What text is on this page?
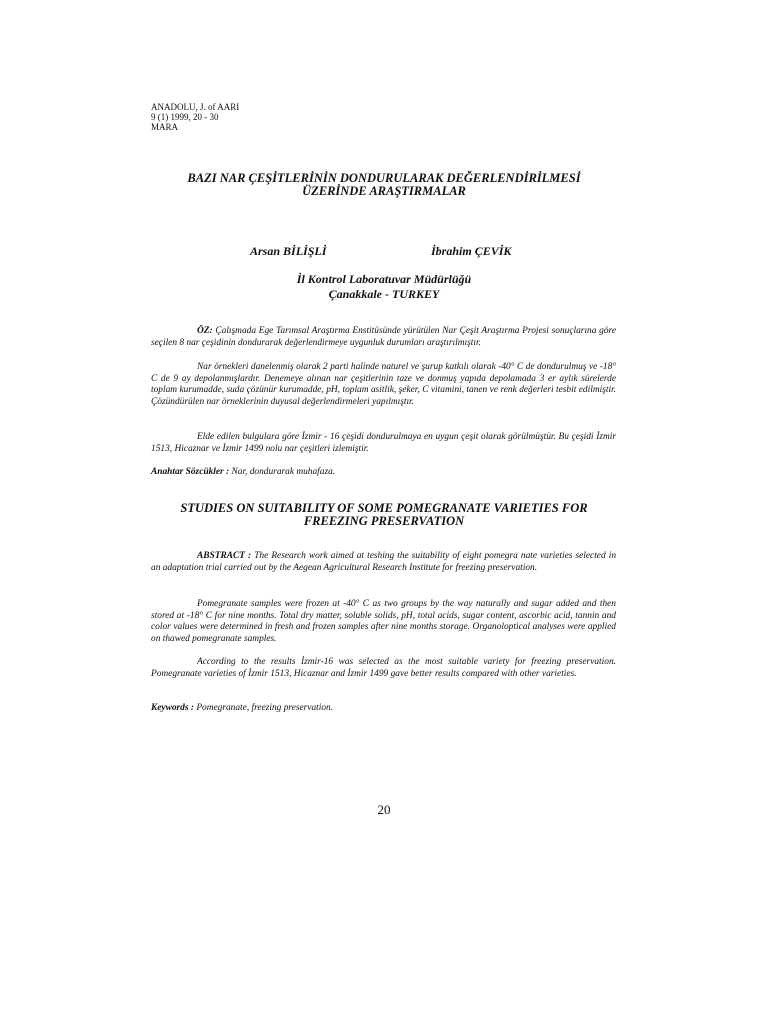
ANADOLU, J. of AARI
9 (1) 1999, 20 - 30
MARA
BAZI NAR ÇEŞİTLERİNİN DONDURULARAK DEĞERLENDİRİLMESİ
ÜZERİNDE ARAŞTIRMALAR
Arsan BİLİŞLİ	İbrahim ÇEVİK
İl Kontrol Laboratuvar Müdürlüğü
Çanakkale - TURKEY
ÖZ: Çalışmada Ege Tarımsal Araştırma Enstitüsünde yürütülen Nar Çeşit Araştırma Projesi sonuçlarına göre seçilen 8 nar çeşidinin dondurarak değerlendirmeye uygunluk durumları araştırılmıştır.
Nar örnekleri danelenmiş olarak 2 parti halinde naturel ve şurup katkılı olarak -40° C de dondurulmuş ve -18° C de 9 ay depolanmışlardır. Denemeye alınan nar çeşitlerinin taze ve donmuş yapıda depolamada 3 er aylık sürelerde toplam kurumadde, suda çözünür kurumadde, pH, toplam asitlik, şeker, C vitamini, tanen ve renk değerleri tesbit edilmiştir. Çözündürülen nar örneklerinin duyusal değerlendirmeleri yapılmıştır.
Elde edilen bulgulara göre İzmir - 16 çeşidi dondurulmaya en uygun çeşit olarak görülmüştür. Bu çeşidi İzmir 1513, Hicaznar ve İzmir 1499 nolu nar çeşitleri izlemiştir.
Anahtar Sözcükler : Nar, dondurarak muhafaza.
STUDIES ON SUITABILITY OF SOME POMEGRANATE VARIETIES FOR
FREEZING PRESERVATION
ABSTRACT : The Research work aimed at teshing the suitability of eight pomegra nate varieties selected in an adaptation trial carried out by the Aegean Agricultural Research Institute for freezing preservation.
Pomegranate samples were frozen at -40° C as two groups by the way naturally and sugar added and then stored at -18° C for nine months. Total dry matter, soluble solids, pH, total acids, sugar content, ascorbic acid, tannin and color values were determined in fresh and frozen samples after nine months storage. Organoloptical analyses were applied on thawed pomegranate samples.
According to the results İzmir-16 was selected as the most suitable variety for freezing preservation. Pomegranate varieties of İzmir 1513, Hicaznar and İzmir 1499 gave better results compared with other varieties.
Keywords : Pomegranate, freezing preservation.
20
